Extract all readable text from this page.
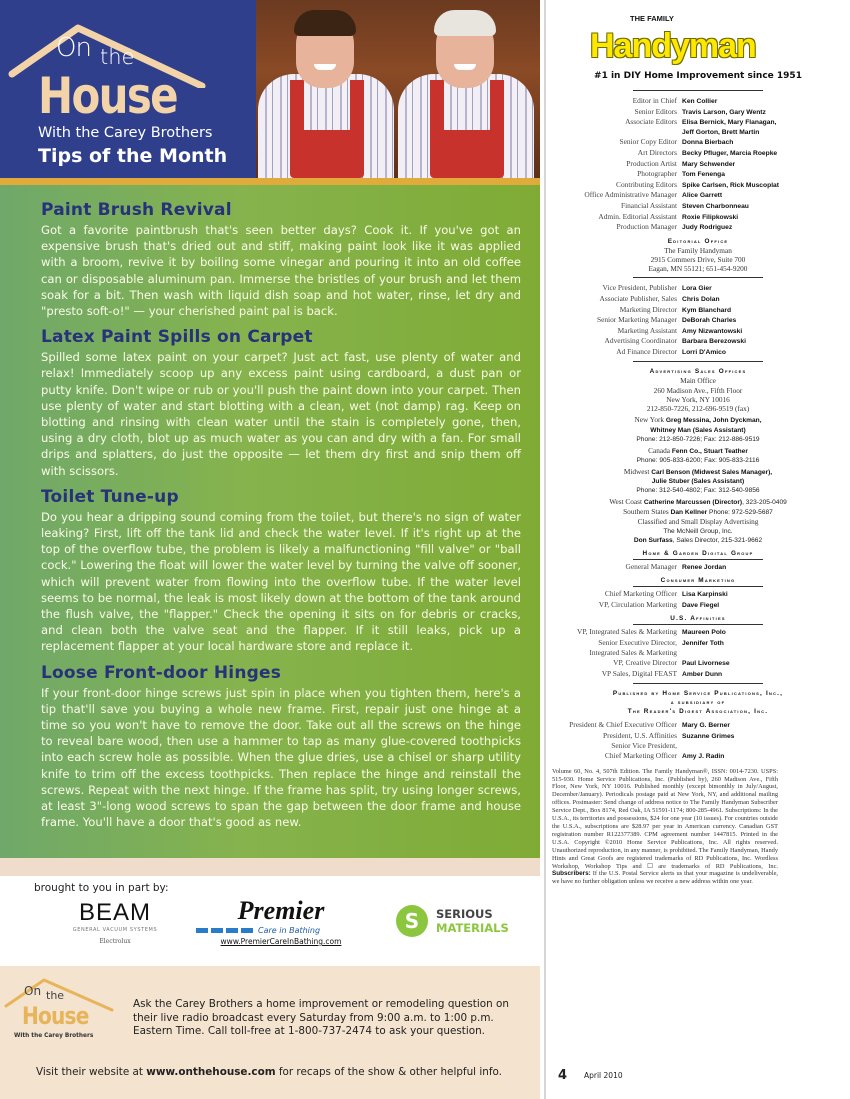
On the
House
With the Carey Brothers
Tips of the Month
Paint Brush Revival

Got a favorite paintbrush that's seen better days? Cook it. If you've got an expensive brush that's dried out and stiff, making paint look like it was applied with a broom, revive it by boiling some vinegar and pouring it into an old coffee can or disposable aluminum pan. Immerse the bristles of your brush and let them soak for a bit. Then wash with liquid dish soap and hot water, rinse, let dry and "presto soft-o!" — your cherished paint pal is back.

Latex Paint Spills on Carpet

Spilled some latex paint on your carpet? Just act fast, use plenty of water and relax! Immediately scoop up any excess paint using cardboard, a dust pan or putty knife. Don't wipe or rub or you'll push the paint down into your carpet. Then use plenty of water and start blotting with a clean, wet (not damp) rag. Keep on blotting and rinsing with clean water until the stain is completely gone, then, using a dry cloth, blot up as much water as you can and dry with a fan. For small drips and splatters, do just the opposite — let them dry first and snip them off with scissors.

Toilet Tune-up

Do you hear a dripping sound coming from the toilet, but there's no sign of water leaking? First, lift off the tank lid and check the water level. If it's right up at the top of the overflow tube, the problem is likely a malfunctioning "fill valve" or "ball cock." Lowering the float will lower the water level by turning the valve off sooner, which will prevent water from flowing into the overflow tube. If the water level seems to be normal, the leak is most likely down at the bottom of the tank around the flush valve, the "flapper." Check the opening it sits on for debris or cracks, and clean both the valve seat and the flapper. If it still leaks, pick up a replacement flapper at your local hardware store and replace it.

Loose Front-door Hinges

If your front-door hinge screws just spin in place when you tighten them, here's a tip that'll save you buying a whole new frame. First, repair just one hinge at a time so you won't have to remove the door. Take out all the screws on the hinge to reveal bare wood, then use a hammer to tap as many glue-covered toothpicks into each screw hole as possible. When the glue dries, use a chisel or sharp utility knife to trim off the excess toothpicks. Then replace the hinge and reinstall the screws. Repeat with the next hinge. If the frame has split, try using longer screws, at least 3"-long wood screws to span the gap between the door frame and house frame. You'll have a door that's good as new.

brought to you in part by:
BEAM
GENERAL VACUUM SYSTEMS
Electrolux
Premier
Care in Bathing
www.PremierCareInBathing.com
S	SERIOUS
MATERIALS
On the
House
With the Carey Brothers
Ask the Carey Brothers a home improvement or remodeling question on their live radio broadcast every Saturday from 9:00 a.m. to 1:00 p.m. Eastern Time. Call toll-free at 1-800-737-2474 to ask your question.
Visit their website at www.onthehouse.com for recaps of the show & other helpful info.
THE FAMILY
Handyman
#1 in DIY Home Improvement since 1951
Editor in Chief Ken Collier
Senior Editors Travis Larson, Gary Wentz
Associate Editors Elisa Bernick, Mary Flanagan,
Jeff Gorton, Brett Martin
Senior Copy Editor Donna Bierbach
Art Directors Becky Pfluger, Marcia Roepke
Production Artist Mary Schwender
Photographer Tom Fenenga
Contributing Editors Spike Carlsen, Rick Muscoplat
Office Administrative Manager Alice Garrett
Financial Assistant Steven Charbonneau
Admin. Editorial Assistant Roxie Filipkowski
Production Manager Judy Rodriguez
Editorial Office
The Family Handyman
2915 Commers Drive, Suite 700
Eagan, MN 55121; 651-454-9200
Vice President, Publisher Lora Gier
Associate Publisher, Sales Chris Dolan
Marketing Director Kym Blanchard
Senior Marketing Manager DeBorah Charles
Marketing Assistant Amy Nizwantowski
Advertising Coordinator Barbara Berezowski
Ad Finance Director Lorri D'Amico
Advertising Sales Offices
Main Office
260 Madison Ave., Fifth Floor
New York, NY 10016
212-850-7226, 212-696-9519 (fax)
New York Greg Messina, John Dyckman,
Whitney Man (Sales Assistant)
Phone: 212-850-7226; Fax: 212-886-9519
Canada Fenn Co., Stuart Teather
Phone: 905-833-6200; Fax: 905-833-2116
Midwest Carl Benson (Midwest Sales Manager),
Julie Stuber (Sales Assistant)
Phone: 312-540-4802; Fax: 312-540-9856
West Coast Catherine Marcussen (Director), 323-205-0409
Southern States Dan Kellner Phone: 972-529-5687
Classified and Small Display Advertising
The McNeill Group, Inc.
Don Surfass, Sales Director, 215-321-9662
Home & Garden Digital Group
General Manager Renee Jordan
Consumer Marketing
Chief Marketing Officer Lisa Karpinski
VP, Circulation Marketing Dave Fiegel
U.S. Affinities
VP, Integrated Sales & Marketing Maureen Polo
Senior Executive Director, Jennifer Toth
Integrated Sales & Marketing
VP, Creative Director Paul Livornese
VP Sales, Digital FEAST Amber Dunn
Published by Home Service Publications, Inc.,
a subsidiary of
The Reader's Digest Association, Inc.
President & Chief Executive Officer Mary G. Berner
President, U.S. Affinities Suzanne Grimes
Senior Vice President,
Chief Marketing Officer Amy J. Radin
Volume 60, No. 4, 507th Edition. The Family Handyman®, ISSN: 0014-7230. USPS: 515-930. Home Service Publications, Inc. (Published by), 260 Madison Ave., Fifth Floor, New York, NY 10016. Published monthly (except bimonthly in July/August, December/January). Periodicals postage paid at New York, NY, and additional mailing offices. Postmaster: Send change of address notice to The Family Handyman Subscriber Service Dept., Box 8174, Red Oak, IA 51591-1174; 800-285-4961. Subscriptions: In the U.S.A., its territories and possessions, $24 for one year (10 issues). For countries outside the U.S.A., subscriptions are $28.97 per year in American currency. Canadian GST registration number R122377389. CPM agreement number 1447815. Printed in the U.S.A. Copyright ©2010 Home Service Publications, Inc. All rights reserved. Unauthorized reproduction, in any manner, is prohibited. The Family Handyman, Handy Hints and Great Goofs are registered trademarks of RD Publications, Inc. Wordless Workshop, Workshop Tips and ☐ are trademarks of RD Publications, Inc. Subscribers: If the U.S. Postal Service alerts us that your magazine is undeliverable, we have no further obligation unless we receive a new address within one year.
4 April 2010
